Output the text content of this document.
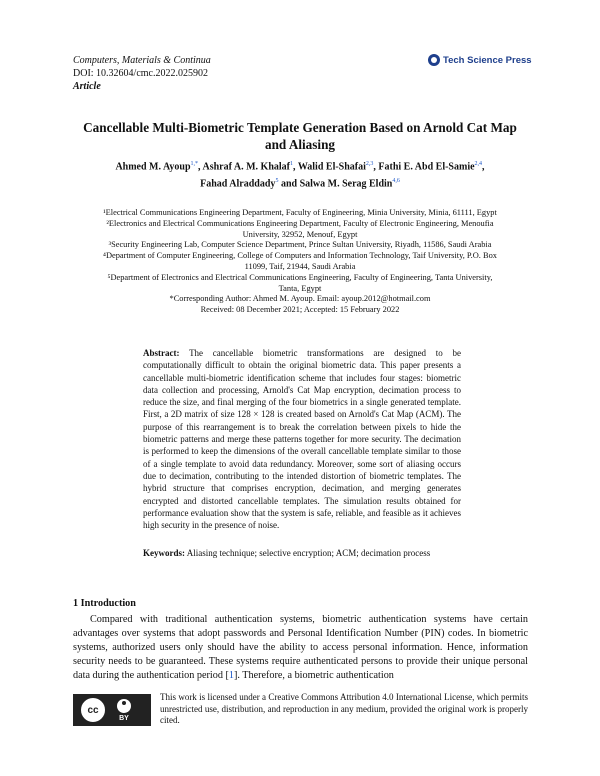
Computers, Materials & Continua
DOI: 10.32604/cmc.2022.025902
Article
Tech Science Press
Cancellable Multi-Biometric Template Generation Based on Arnold Cat Map
and Aliasing
Ahmed M. Ayoup$^{1,*}$, Ashraf A. M. Khalaf$^1$, Walid El-Shafai$^{2,3}$, Fathi E. Abd El-Samie$^{2,4}$,
Fahad Alraddady$^5$ and Salwa M. Serag Eldin$^{4,6}$
¹Electrical Communications Engineering Department, Faculty of Engineering, Minia University, Minia, 61111, Egypt
²Electronics and Electrical Communications Engineering Department, Faculty of Electronic Engineering, Menoufia
University, 32952, Menouf, Egypt
³Security Engineering Lab, Computer Science Department, Prince Sultan University, Riyadh, 11586, Saudi Arabia
⁴Department of Computer Engineering, College of Computers and Information Technology, Taif University, P.O. Box
11099, Taif, 21944, Saudi Arabia
⁵Department of Electronics and Electrical Communications Engineering, Faculty of Engineering, Tanta University,
Tanta, Egypt
*Corresponding Author: Ahmed M. Ayoup. Email: ayoup.2012@hotmail.com
Received: 08 December 2021; Accepted: 15 February 2022
Abstract: The cancellable biometric transformations are designed to be computationally difficult to obtain the original biometric data. This paper presents a cancellable multi-biometric identification scheme that includes four stages: biometric data collection and processing, Arnold's Cat Map encryption, decimation process to reduce the size, and final merging of the four biometrics in a single generated template. First, a 2D matrix of size 128 × 128 is created based on Arnold's Cat Map (ACM). The purpose of this rearrangement is to break the correlation between pixels to hide the biometric patterns and merge these patterns together for more security. The decimation is performed to keep the dimensions of the overall cancellable template similar to those of a single template to avoid data redundancy. Moreover, some sort of aliasing occurs due to decimation, contributing to the intended distortion of biometric templates. The hybrid structure that comprises encryption, decimation, and merging generates encrypted and distorted cancellable templates. The simulation results obtained for performance evaluation show that the system is safe, reliable, and feasible as it achieves high security in the presence of noise.
Keywords: Aliasing technique; selective encryption; ACM; decimation process
1 Introduction
Compared with traditional authentication systems, biometric authentication systems have certain advantages over systems that adopt passwords and Personal Identification Number (PIN) codes. In biometric systems, authorized users only should have the ability to access personal information. Hence, information security needs to be guaranteed. These systems require authenticated persons to provide their unique personal data during the authentication period [1]. Therefore, a biometric authentication
cc
BY
This work is licensed under a Creative Commons Attribution 4.0 International License, which permits unrestricted use, distribution, and reproduction in any medium, provided the original work is properly cited.
